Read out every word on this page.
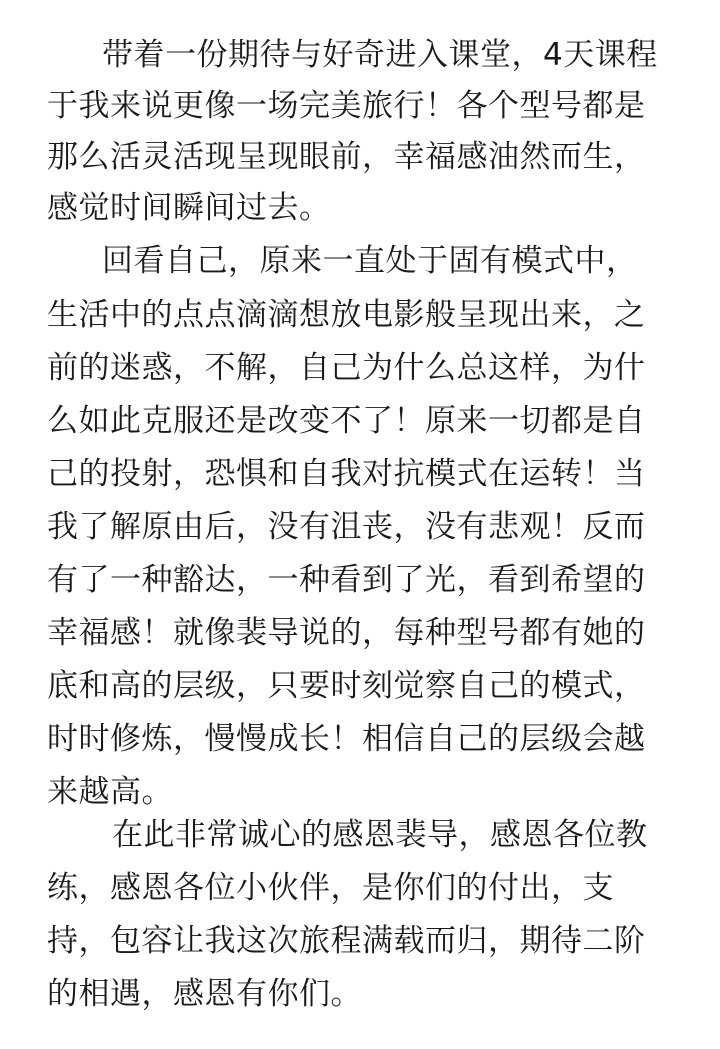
带着一份期待与好奇进入课堂，4天课程
于我来说更像一场完美旅行！各个型号都是
那么活灵活现呈现眼前，幸福感油然而生，
感觉时间瞬间过去。
回看自己，原来一直处于固有模式中，
生活中的点点滴滴想放电影般呈现出来，之
前的迷惑，不解，自己为什么总这样，为什
么如此克服还是改变不了！原来一切都是自
己的投射，恐惧和自我对抗模式在运转！当
我了解原由后，没有沮丧，没有悲观！反而
有了一种豁达，一种看到了光，看到希望的
幸福感！就像裴导说的，每种型号都有她的
底和高的层级，只要时刻觉察自己的模式，
时时修炼，慢慢成长！相信自己的层级会越
来越高。
在此非常诚心的感恩裴导，感恩各位教
练，感恩各位小伙伴，是你们的付出，支
持，包容让我这次旅程满载而归，期待二阶
的相遇，感恩有你们。
